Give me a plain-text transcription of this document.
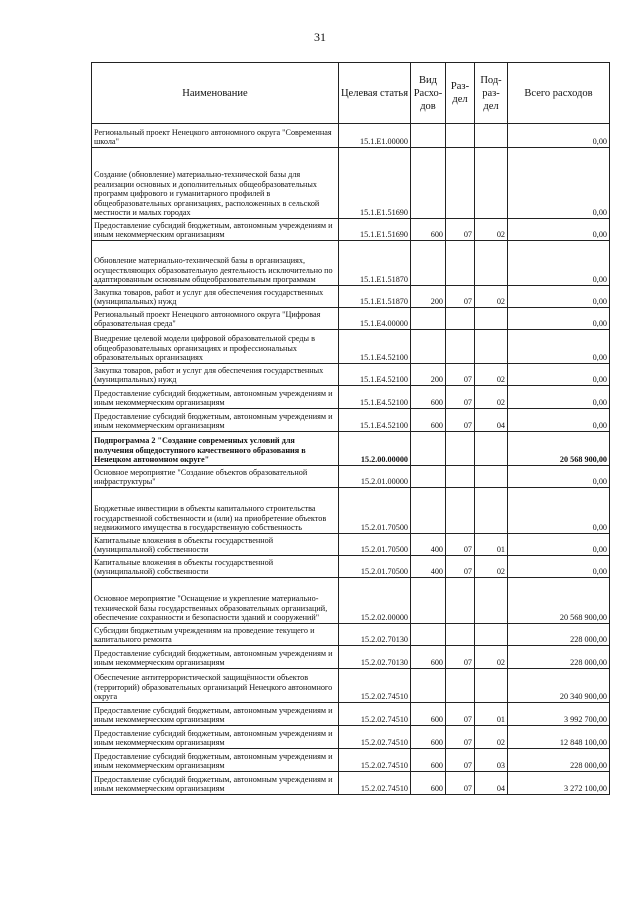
31
Наименование	Целевая статья	Вид Расхо- дов	Раз- дел	Под- раз- дел	Всего расходов
Региональный проект Ненецкого автономного округа "Современная школа"	15.1.E1.00000				0,00
Создание (обновление) материально-технической базы для реализации основных и дополнительных общеобразовательных программ цифрового и гуманитарного профилей в общеобразовательных организациях, расположенных в сельской местности и малых городах	15.1.E1.51690				0,00
Предоставление субсидий бюджетным, автономным учреждениям и иным некоммерческим организациям	15.1.E1.51690	600	07	02	0,00
Обновление материально-технической базы в организациях, осуществляющих образовательную деятельность исключительно по адаптированным основным общеобразовательным программам	15.1.E1.51870				0,00
Закупка товаров, работ и услуг для обеспечения государственных (муниципальных) нужд	15.1.E1.51870	200	07	02	0,00
Региональный проект Ненецкого автономного округа "Цифровая образовательная среда"	15.1.E4.00000				0,00
Внедрение целевой модели цифровой образовательной среды в общеобразовательных организациях и профессиональных образовательных организациях	15.1.E4.52100				0,00
Закупка товаров, работ и услуг для обеспечения государственных (муниципальных) нужд	15.1.E4.52100	200	07	02	0,00
Предоставление субсидий бюджетным, автономным учреждениям и иным некоммерческим организациям	15.1.E4.52100	600	07	02	0,00
Предоставление субсидий бюджетным, автономным учреждениям и иным некоммерческим организациям	15.1.E4.52100	600	07	04	0,00
Подпрограмма 2 "Создание современных условий для получения общедоступного качественного образования в Ненецком автономном округе"	15.2.00.00000				20 568 900,00
Основное мероприятие "Создание объектов образовательной инфраструктуры"	15.2.01.00000				0,00
Бюджетные инвестиции в объекты капитального строительства государственной собственности и (или) на приобретение объектов недвижимого имущества в государственную собственность	15.2.01.70500				0,00
Капитальные вложения в объекты государственной (муниципальной) собственности	15.2.01.70500	400	07	01	0,00
Капитальные вложения в объекты государственной (муниципальной) собственности	15.2.01.70500	400	07	02	0,00
Основное мероприятие "Оснащение и укрепление материально-технической базы государственных образовательных организаций, обеспечение сохранности и безопасности зданий и сооружений"	15.2.02.00000				20 568 900,00
Субсидии бюджетным учреждениям на проведение текущего и капитального ремонта	15.2.02.70130				228 000,00
Предоставление субсидий бюджетным, автономным учреждениям и иным некоммерческим организациям	15.2.02.70130	600	07	02	228 000,00
Обеспечение антитеррористической защищённости объектов (территорий) образовательных организаций Ненецкого автономного округа	15.2.02.74510				20 340 900,00
Предоставление субсидий бюджетным, автономным учреждениям и иным некоммерческим организациям	15.2.02.74510	600	07	01	3 992 700,00
Предоставление субсидий бюджетным, автономным учреждениям и иным некоммерческим организациям	15.2.02.74510	600	07	02	12 848 100,00
Предоставление субсидий бюджетным, автономным учреждениям и иным некоммерческим организациям	15.2.02.74510	600	07	03	228 000,00
Предоставление субсидий бюджетным, автономным учреждениям и иным некоммерческим организациям	15.2.02.74510	600	07	04	3 272 100,00
